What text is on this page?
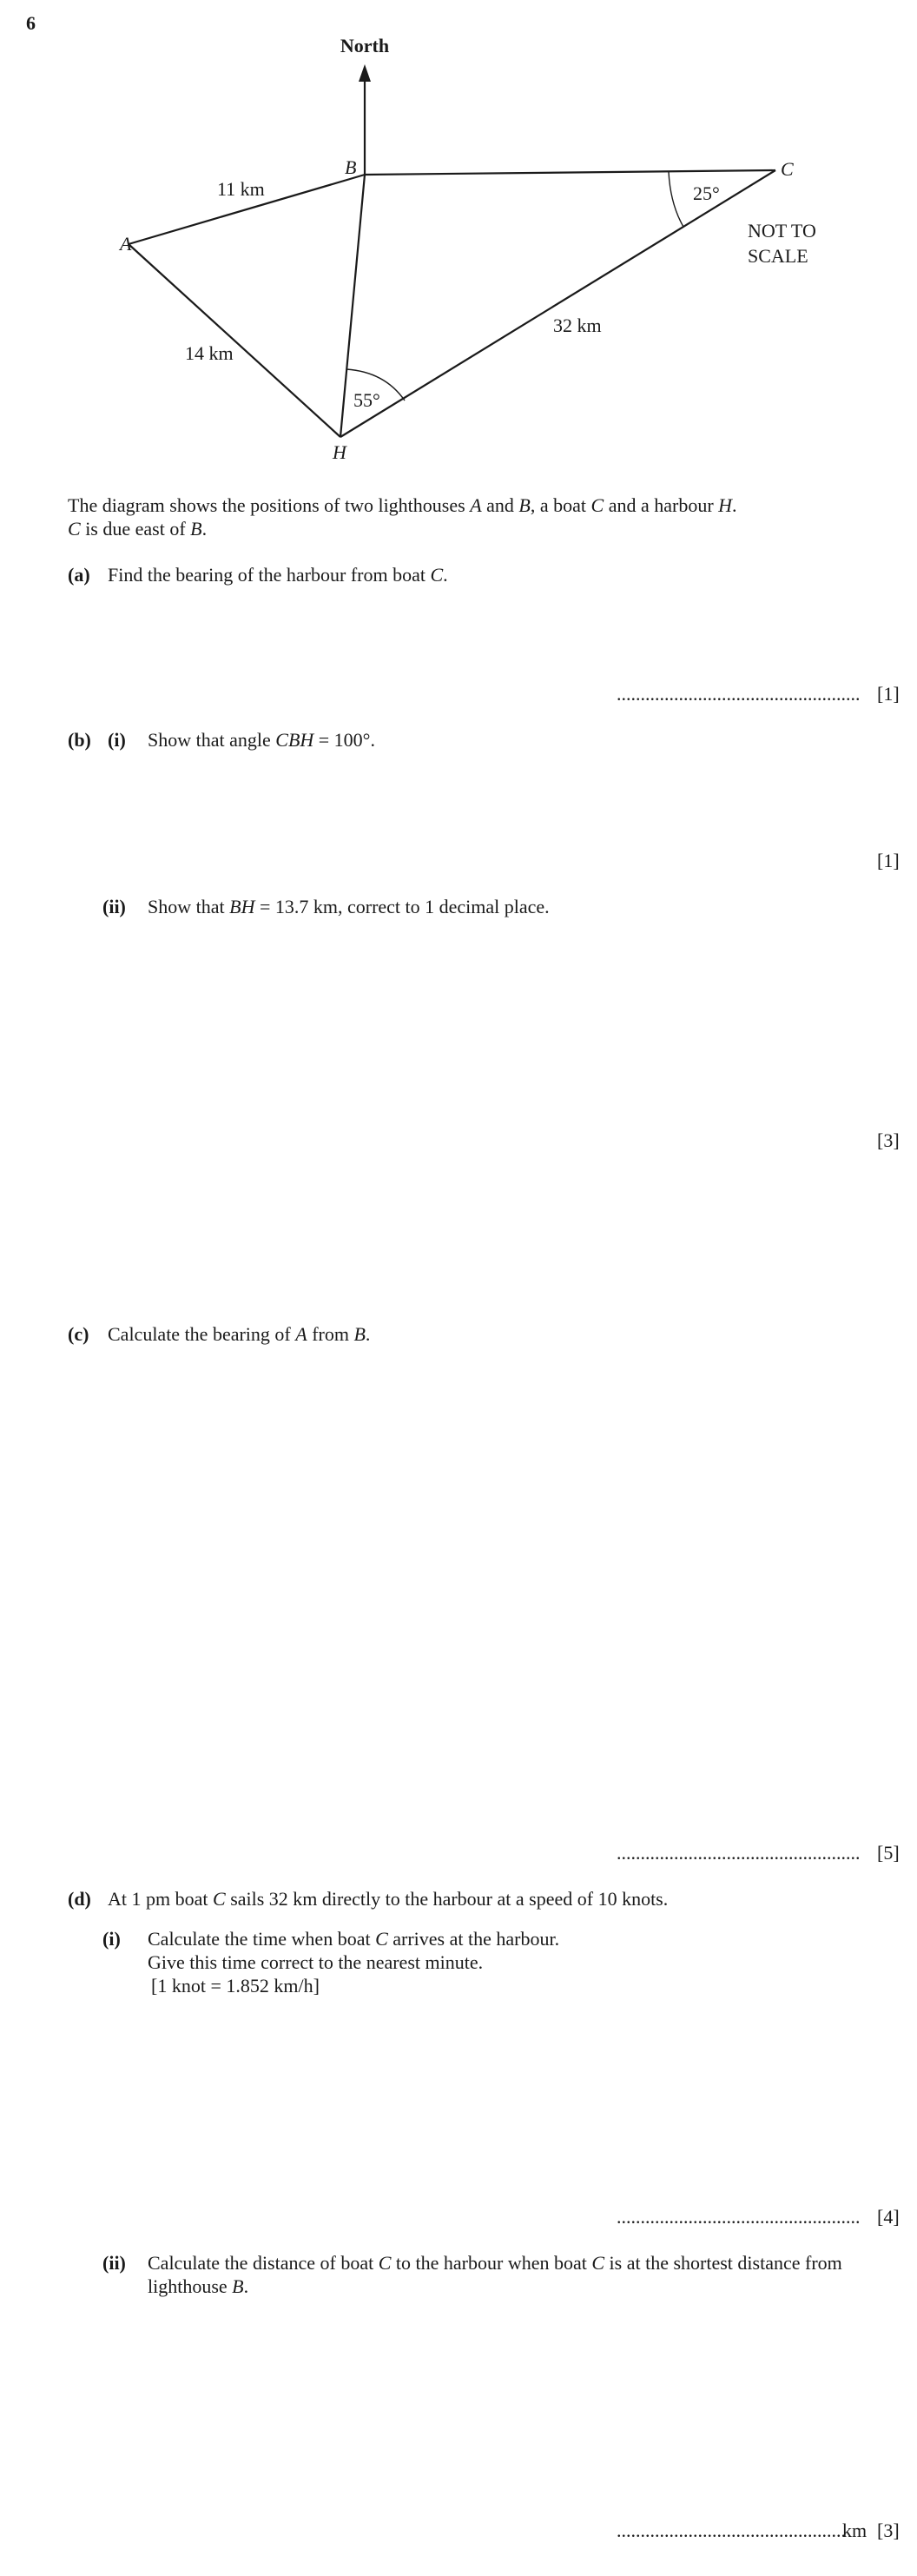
6
North
A
B	C
H
11 km
14 km
32 km
25°
55°
NOT TO
SCALE
The diagram shows the positions of two lighthouses A and B, a boat C and a harbour H.
C is due east of B.
(a) Find the bearing of the harbour from boat C.
................................................... [1]
(b) (i) Show that angle CBH = 100°.
[1]
(ii) Show that BH = 13.7 km, correct to 1 decimal place.
[3]
(c) Calculate the bearing of A from B.
................................................... [5]
(d) At 1 pm boat C sails 32 km directly to the harbour at a speed of 10 knots.
(i) Calculate the time when boat C arrives at the harbour.
Give this time correct to the nearest minute.
[1 knot = 1.852 km/h]
................................................... [4]
(ii) Calculate the distance of boat C to the harbour when boat C is at the shortest distance from
lighthouse B.
................................................
km [3]
